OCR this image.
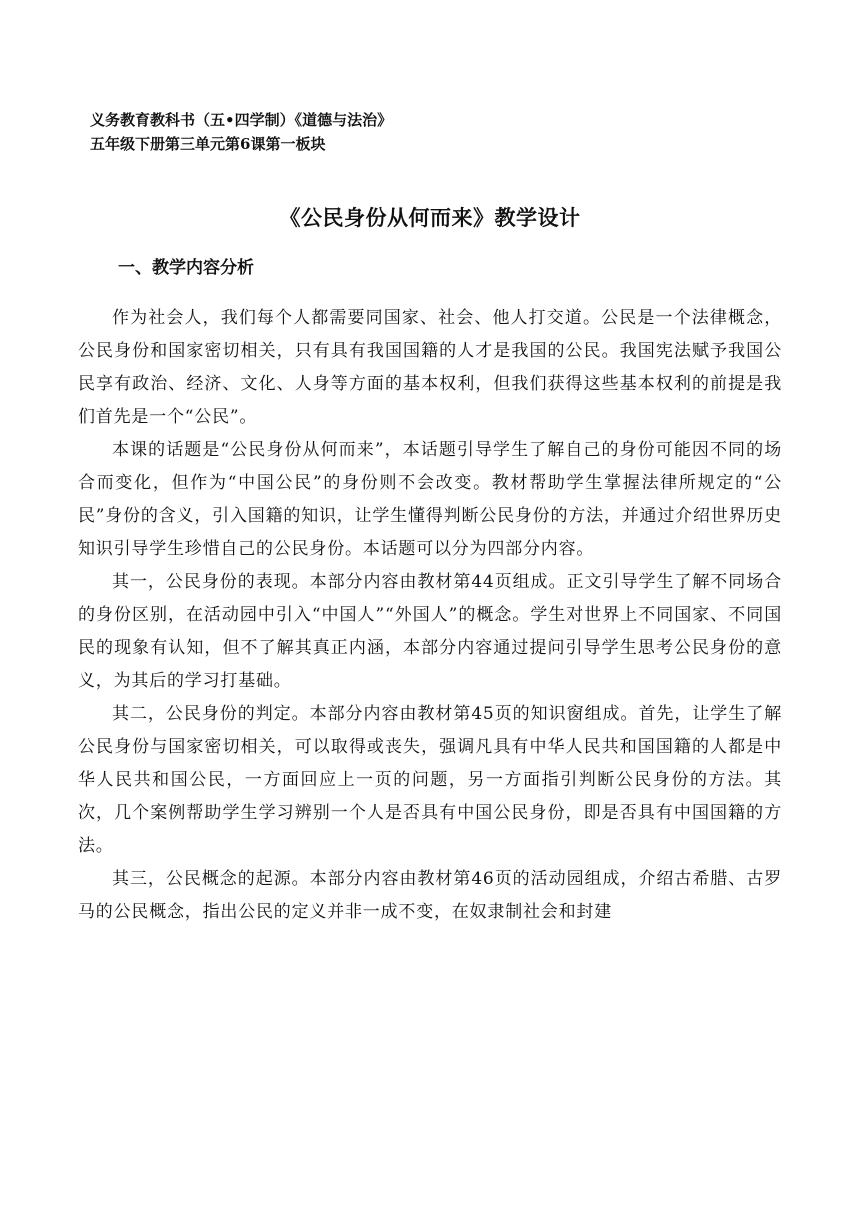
义务教育教科书（五•四学制）《道德与法治》
五年级下册第三单元第6课第一板块
《公民身份从何而来》教学设计
一、教学内容分析

作为社会人，我们每个人都需要同国家、社会、他人打交道。公民是一个法律概念，公民身份和国家密切相关，只有具有我国国籍的人才是我国的公民。我国宪法赋予我国公民享有政治、经济、文化、人身等方面的基本权利，但我们获得这些基本权利的前提是我们首先是一个“公民”。

本课的话题是“公民身份从何而来”，本话题引导学生了解自己的身份可能因不同的场合而变化，但作为“中国公民”的身份则不会改变。教材帮助学生掌握法律所规定的“公民”身份的含义，引入国籍的知识，让学生懂得判断公民身份的方法，并通过介绍世界历史知识引导学生珍惜自己的公民身份。本话题可以分为四部分内容。

其一，公民身份的表现。本部分内容由教材第44页组成。正文引导学生了解不同场合的身份区别，在活动园中引入“中国人”“外国人”的概念。学生对世界上不同国家、不同国民的现象有认知，但不了解其真正内涵，本部分内容通过提问引导学生思考公民身份的意义，为其后的学习打基础。

其二，公民身份的判定。本部分内容由教材第45页的知识窗组成。首先，让学生了解公民身份与国家密切相关，可以取得或丧失，强调凡具有中华人民共和国国籍的人都是中华人民共和国公民，一方面回应上一页的问题，另一方面指引判断公民身份的方法。其次，几个案例帮助学生学习辨别一个人是否具有中国公民身份，即是否具有中国国籍的方法。

其三，公民概念的起源。本部分内容由教材第46页的活动园组成，介绍古希腊、古罗马的公民概念，指出公民的定义并非一成不变，在奴隶制社会和封建
